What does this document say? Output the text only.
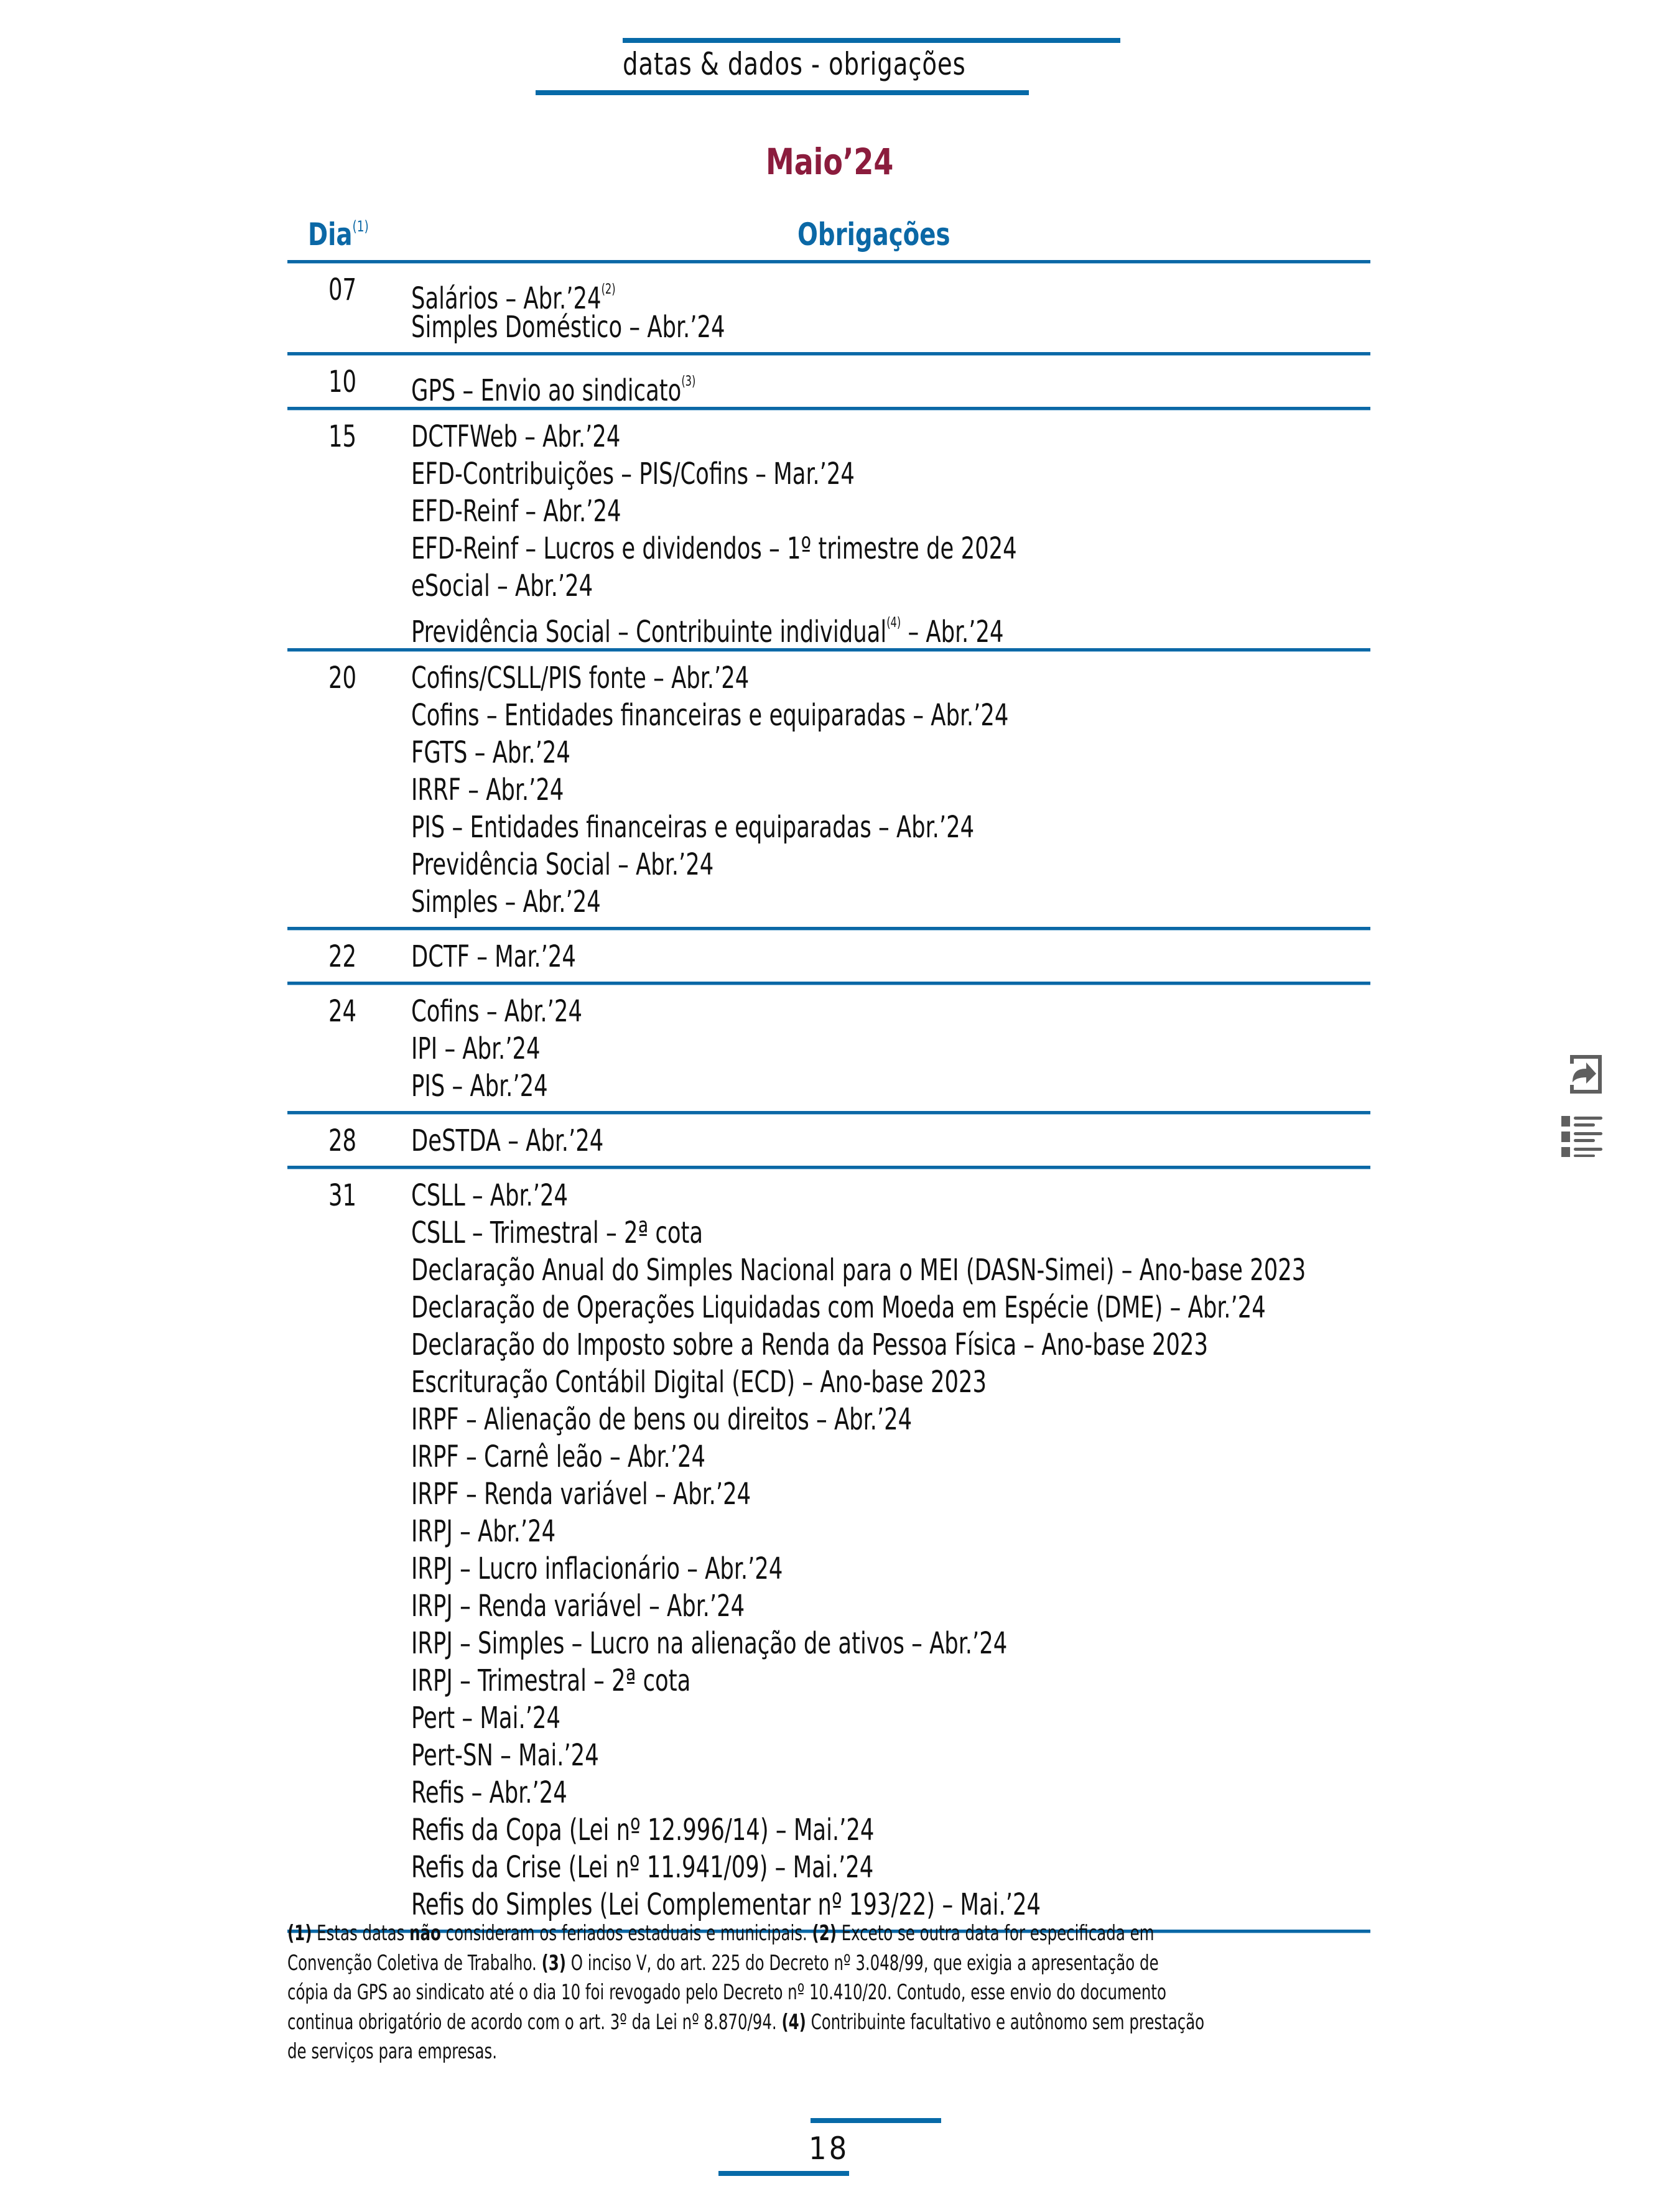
datas & dados - obrigações
Maio’24
Dia$^{(1)}$	Obrigações
07 Salários – Abr.’24$^{(2)}$
Simples Doméstico – Abr.’24
10 GPS – Envio ao sindicato$^{(3)}$
15 DCTFWeb – Abr.’24
EFD-Contribuições – PIS/Cofins – Mar.’24
EFD-Reinf – Abr.’24
EFD-Reinf – Lucros e dividendos – 1º trimestre de 2024
eSocial – Abr.’24
Previdência Social – Contribuinte individual$^{(4)}$ – Abr.’24
20 Cofins/CSLL/PIS fonte – Abr.’24
Cofins – Entidades financeiras e equiparadas – Abr.’24
FGTS – Abr.’24
IRRF – Abr.’24
PIS – Entidades financeiras e equiparadas – Abr.’24
Previdência Social – Abr.’24
Simples – Abr.’24
22 DCTF – Mar.’24
24 Cofins – Abr.’24
IPI – Abr.’24
PIS – Abr.’24
28 DeSTDA – Abr.’24
31 CSLL – Abr.’24
CSLL – Trimestral – 2ª cota
Declaração Anual do Simples Nacional para o MEI (DASN-Simei) – Ano-base 2023
Declaração de Operações Liquidadas com Moeda em Espécie (DME) – Abr.’24
Declaração do Imposto sobre a Renda da Pessoa Física – Ano-base 2023
Escrituração Contábil Digital (ECD) – Ano-base 2023
IRPF – Alienação de bens ou direitos – Abr.’24
IRPF – Carnê leão – Abr.’24
IRPF – Renda variável – Abr.’24
IRPJ – Abr.’24
IRPJ – Lucro inflacionário – Abr.’24
IRPJ – Renda variável – Abr.’24
IRPJ – Simples – Lucro na alienação de ativos – Abr.’24
IRPJ – Trimestral – 2ª cota
Pert – Mai.’24
Pert-SN – Mai.’24
Refis – Abr.’24
Refis da Copa (Lei nº 12.996/14) – Mai.’24
Refis da Crise (Lei nº 11.941/09) – Mai.’24
Refis do Simples (Lei Complementar nº 193/22) – Mai.’24
(1) Estas datas não consideram os feriados estaduais e municipais. (2) Exceto se outra data for especificada em
Convenção Coletiva de Trabalho. (3) O inciso V, do art. 225 do Decreto nº 3.048/99, que exigia a apresentação de
cópia da GPS ao sindicato até o dia 10 foi revogado pelo Decreto nº 10.410/20. Contudo, esse envio do documento
continua obrigatório de acordo com o art. 3º da Lei nº 8.870/94. (4) Contribuinte facultativo e autônomo sem prestação
de serviços para empresas.
18
